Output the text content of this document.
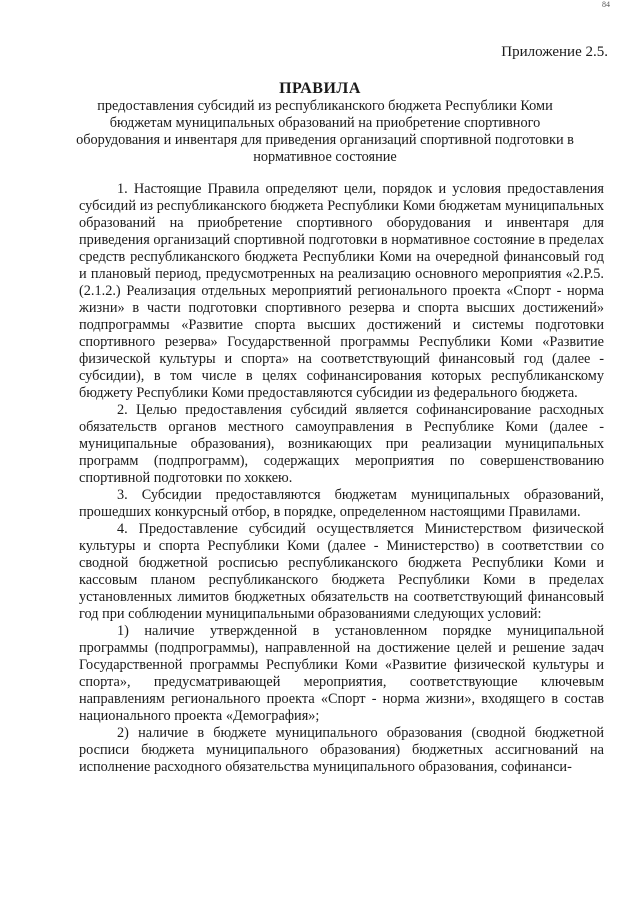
84
Приложение 2.5.
ПРАВИЛА
предоставления субсидий из республиканского бюджета Республики Коми бюджетам муниципальных образований на приобретение спортивного оборудования и инвентаря для приведения организаций спортивной подготовки в нормативное состояние

1. Настоящие Правила определяют цели, порядок и условия предоставления субсидий из республиканского бюджета Республики Коми бюджетам муниципальных образований на приобретение спортивного оборудования и инвентаря для приведения организаций спортивной подготовки в нормативное состояние в пределах средств республиканского бюджета Республики Коми на очередной финансовый год и плановый период, предусмотренных на реализацию основного мероприятия «2.Р.5. (2.1.2.) Реализация отдельных мероприятий регионального проекта «Спорт - норма жизни» в части подготовки спортивного резерва и спорта высших достижений» подпрограммы «Развитие спорта высших достижений и системы подготовки спортивного резерва» Государственной программы Республики Коми «Развитие физической культуры и спорта» на соответствующий финансовый год (далее - субсидии), в том числе в целях софинансирования которых республиканскому бюджету Республики Коми предоставляются субсидии из федерального бюджета.

2. Целью предоставления субсидий является софинансирование расходных обязательств органов местного самоуправления в Республике Коми (далее - муниципальные образования), возникающих при реализации муниципальных программ (подпрограмм), содержащих мероприятия по совершенствованию спортивной подготовки по хоккею.

3. Субсидии предоставляются бюджетам муниципальных образований, прошедших конкурсный отбор, в порядке, определенном настоящими Правилами.

4. Предоставление субсидий осуществляется Министерством физической культуры и спорта Республики Коми (далее - Министерство) в соответствии со сводной бюджетной росписью республиканского бюджета Республики Коми и кассовым планом республиканского бюджета Республики Коми в пределах установленных лимитов бюджетных обязательств на соответствующий финансовый год при соблюдении муниципальными образованиями следующих условий:

1) наличие утвержденной в установленном порядке муниципальной программы (подпрограммы), направленной на достижение целей и решение задач Государственной программы Республики Коми «Развитие физической культуры и спорта», предусматривающей мероприятия, соответствующие ключевым направлениям регионального проекта «Спорт - норма жизни», входящего в состав национального проекта «Демография»;

2) наличие в бюджете муниципального образования (сводной бюджетной росписи бюджета муниципального образования) бюджетных ассигнований на исполнение расходного обязательства муниципального образования, софинанси-
